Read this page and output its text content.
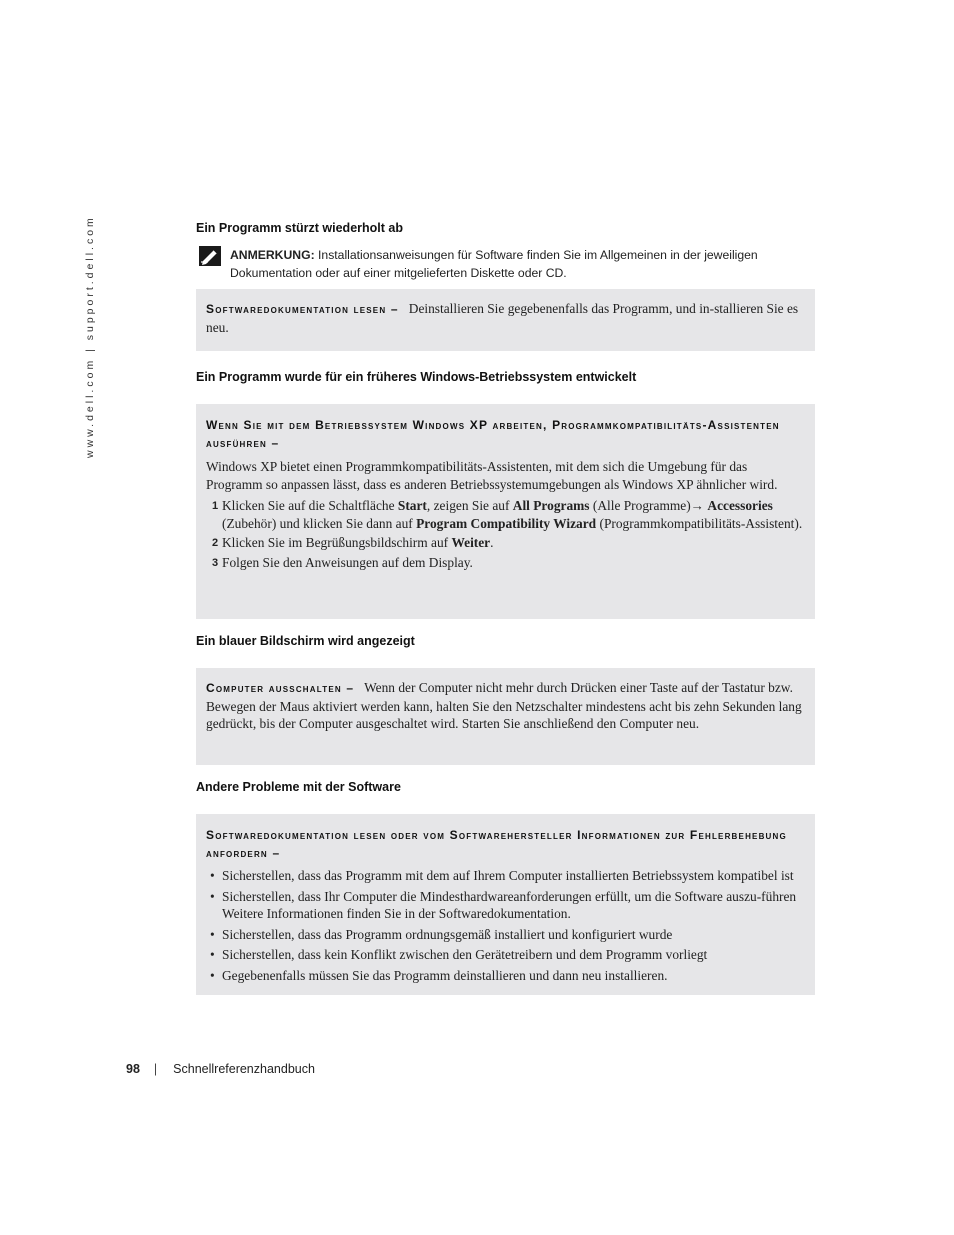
www.dell.com | support.dell.com	Ein Programm stürzt wiederholt ab
ANMERKUNG: Installationsanweisungen für Software finden Sie im Allgemeinen in der jeweiligen Dokumentation oder auf einer mitgelieferten Diskette oder CD.
Softwaredokumentation lesen – Deinstallieren Sie gegebenenfalls das Programm, und in-stallieren Sie es neu.
Ein Programm wurde für ein früheres Windows-Betriebssystem entwickelt
Wenn Sie mit dem Betriebssystem Windows XP arbeiten, Programmkompatibilitäts-Assistenten ausführen –
Windows XP bietet einen Programmkompatibilitäts-Assistenten, mit dem sich die Umgebung für das Programm so anpassen lässt, dass es anderen Betriebssystemumgebungen als Windows XP ähnlicher wird.
1 Klicken Sie auf die Schaltfläche Start, zeigen Sie auf All Programs (Alle Programme)→ Accessories (Zubehör) und klicken Sie dann auf Program Compatibility Wizard (Programmkompatibilitäts-Assistent).
2 Klicken Sie im Begrüßungsbildschirm auf Weiter.
3 Folgen Sie den Anweisungen auf dem Display.
Ein blauer Bildschirm wird angezeigt
Computer ausschalten – Wenn der Computer nicht mehr durch Drücken einer Taste auf der Tastatur bzw. Bewegen der Maus aktiviert werden kann, halten Sie den Netzschalter mindestens acht bis zehn Sekunden lang gedrückt, bis der Computer ausgeschaltet wird. Starten Sie anschließend den Computer neu.
Andere Probleme mit der Software
Softwaredokumentation lesen oder vom Softwarehersteller Informationen zur Fehlerbehebung anfordern –
• Sicherstellen, dass das Programm mit dem auf Ihrem Computer installierten Betriebssystem kompatibel ist
• Sicherstellen, dass Ihr Computer die Mindesthardwareanforderungen erfüllt, um die Software auszu-führen Weitere Informationen finden Sie in der Softwaredokumentation.
• Sicherstellen, dass das Programm ordnungsgemäß installiert und konfiguriert wurde
• Sicherstellen, dass kein Konflikt zwischen den Gerätetreibern und dem Programm vorliegt
• Gegebenenfalls müssen Sie das Programm deinstallieren und dann neu installieren.
98 | Schnellreferenzhandbuch
